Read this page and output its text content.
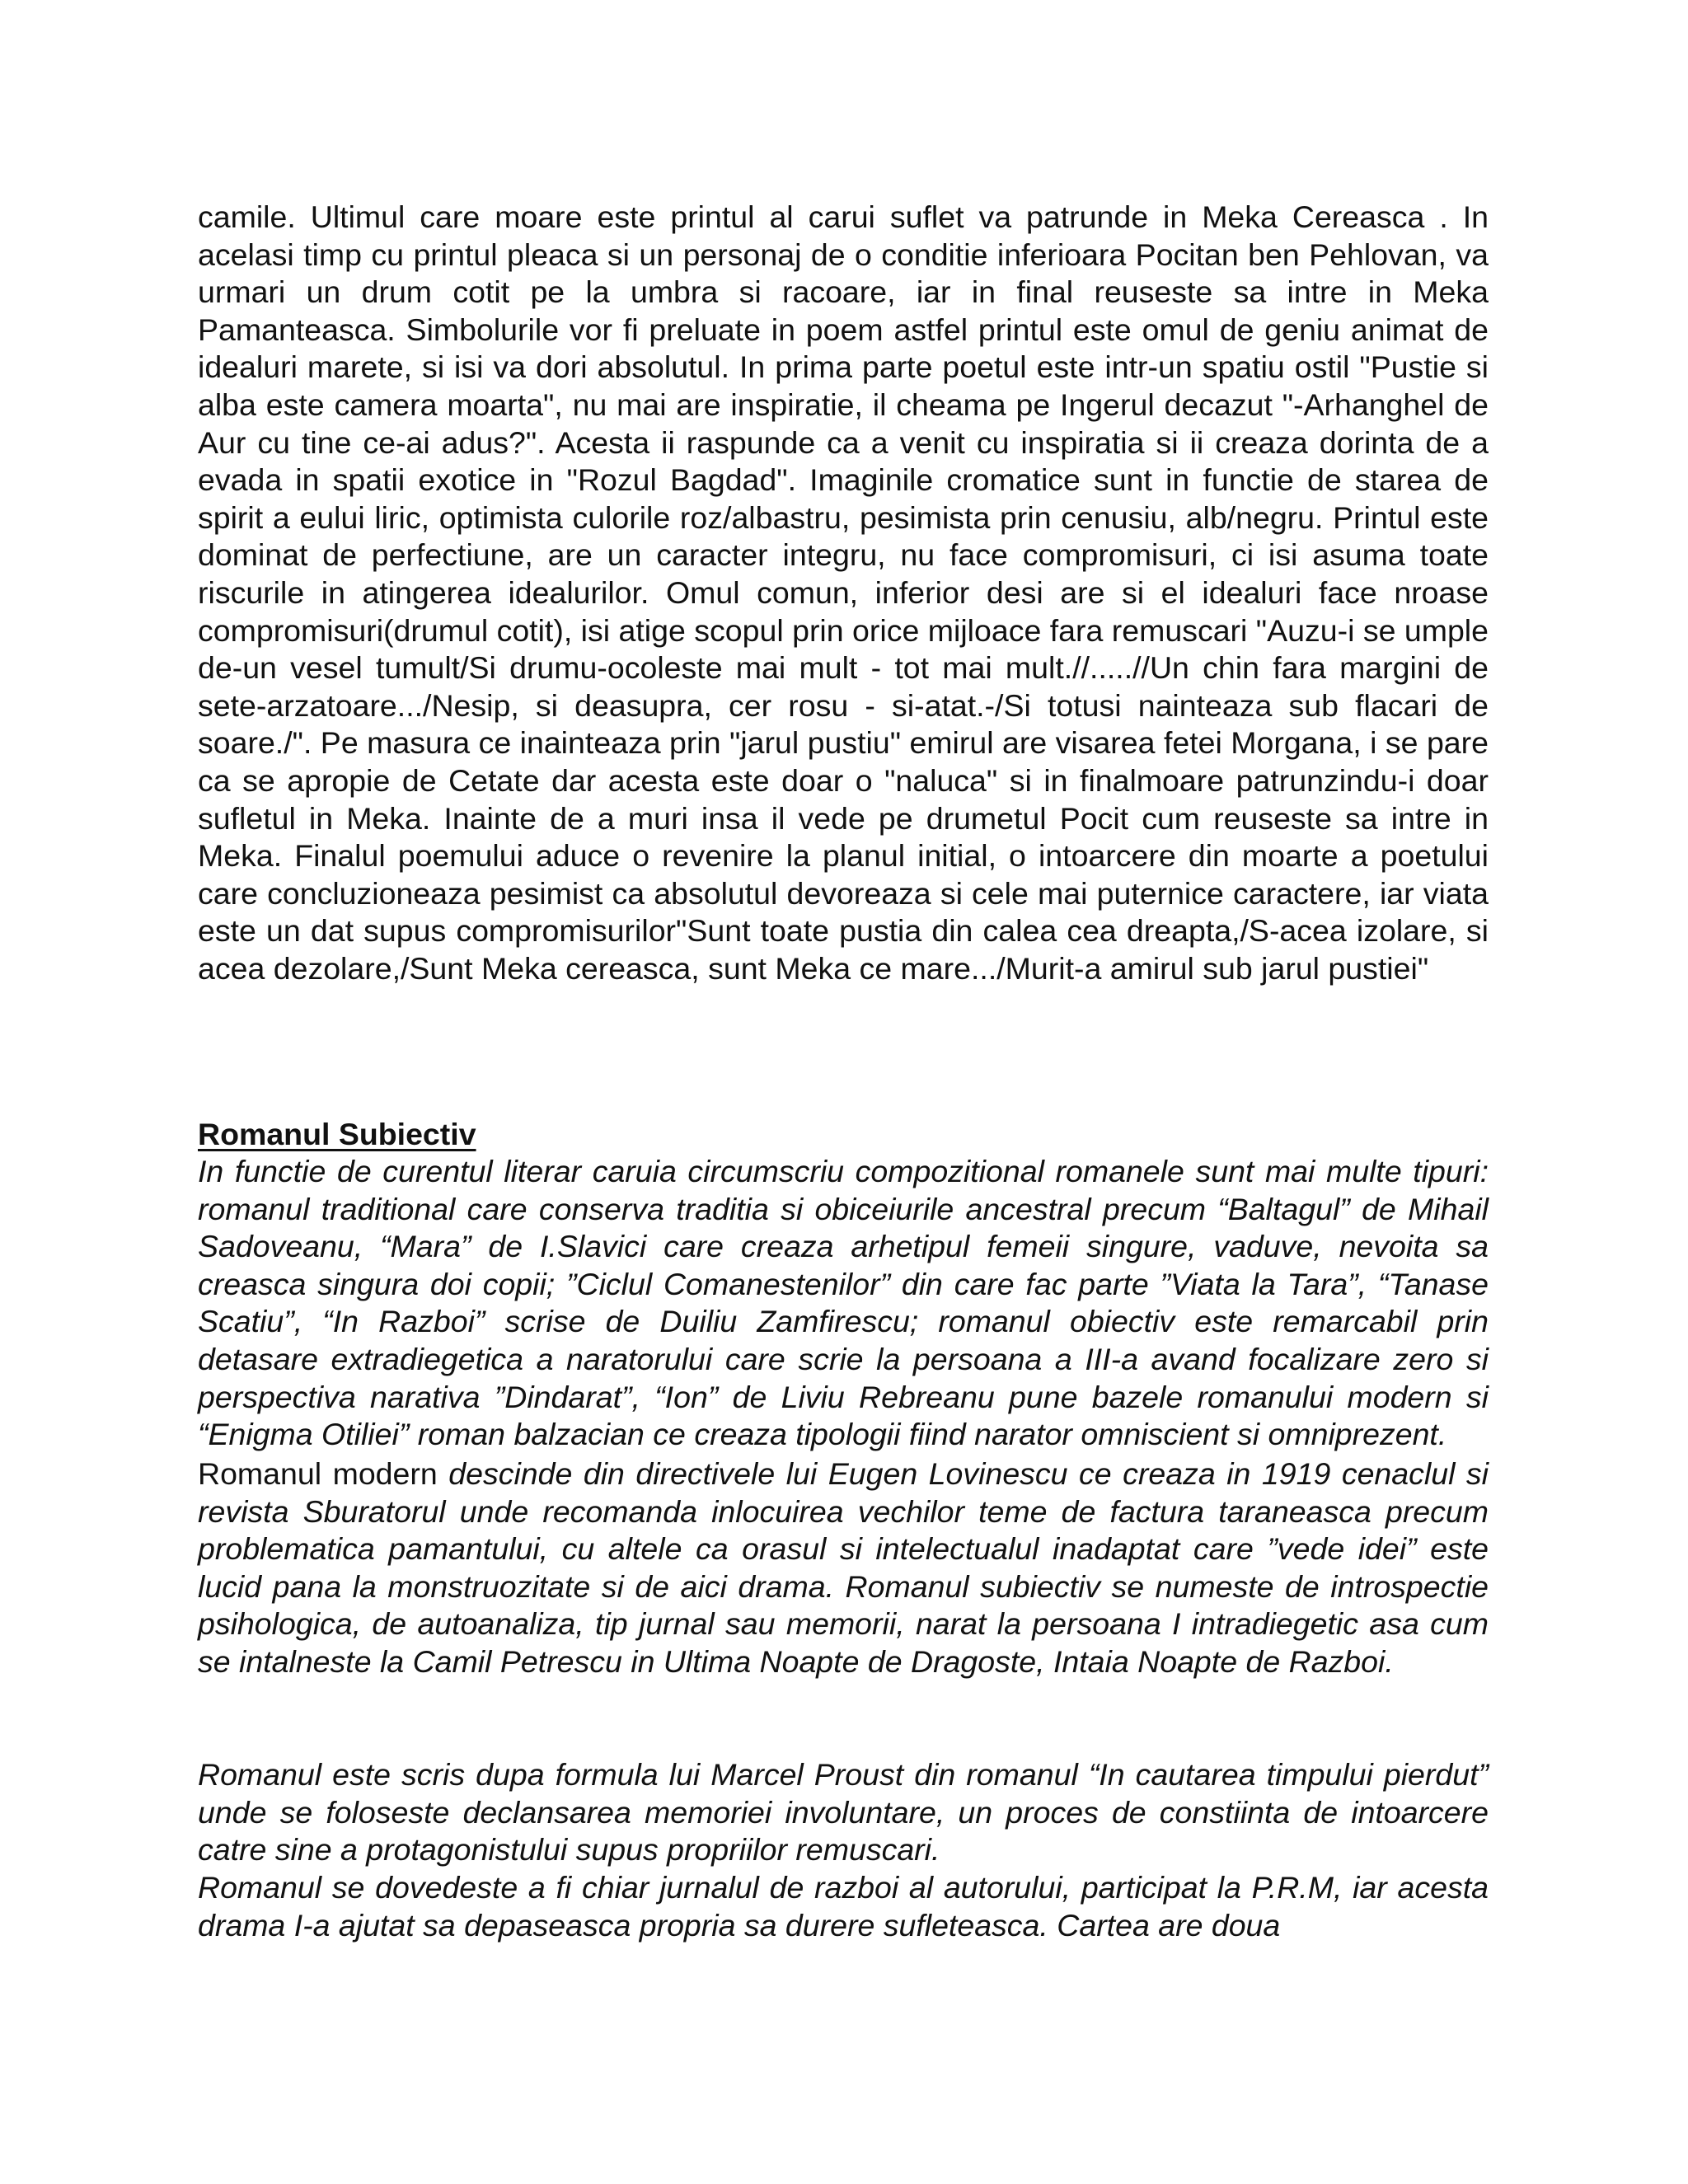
camile. Ultimul care moare este printul al carui suflet va patrunde in Meka Cereasca . In acelasi timp cu printul pleaca si un personaj de o conditie inferioara Pocitan ben Pehlovan, va urmari un drum cotit pe la umbra si racoare, iar in final reuseste sa intre in Meka Pamanteasca. Simbolurile vor fi preluate in poem astfel printul este omul de geniu animat de idealuri marete, si isi va dori absolutul. In prima parte poetul este intr-un spatiu ostil "Pustie si alba este camera moarta", nu mai are inspiratie, il cheama pe Ingerul decazut "-Arhanghel de Aur cu tine ce-ai adus?". Acesta ii raspunde ca a venit cu inspiratia si ii creaza dorinta de a evada in spatii exotice in "Rozul Bagdad". Imaginile cromatice sunt in functie de starea de spirit a eului liric, optimista culorile roz/albastru, pesimista prin cenusiu, alb/negru. Printul este dominat de perfectiune, are un caracter integru, nu face compromisuri, ci isi asuma toate riscurile in atingerea idealurilor. Omul comun, inferior desi are si el idealuri face nroase compromisuri(drumul cotit), isi atige scopul prin orice mijloace fara remuscari "Auzu-i se umple de-un vesel tumult/Si drumu-ocoleste mai mult - tot mai mult.//.....//Un chin fara margini de sete-arzatoare.../Nesip, si deasupra, cer rosu - si-atat.-/Si totusi nainteaza sub flacari de soare./". Pe masura ce inainteaza prin "jarul pustiu" emirul are visarea fetei Morgana, i se pare ca se apropie de Cetate dar acesta este doar o "naluca" si in finalmoare patrunzindu-i doar sufletul in Meka. Inainte de a muri insa il vede pe drumetul Pocit cum reuseste sa intre in Meka. Finalul poemului aduce o revenire la planul initial, o intoarcere din moarte a poetului care concluzioneaza pesimist ca absolutul devoreaza si cele mai puternice caractere, iar viata este un dat supus compromisurilor"Sunt toate pustia din calea cea dreapta,/S-acea izolare, si acea dezolare,/Sunt Meka cereasca, sunt Meka ce mare.../Murit-a amirul sub jarul pustiei"

Romanul Subiectiv

In functie de curentul literar caruia circumscriu compozitional romanele sunt mai multe tipuri: romanul traditional care conserva traditia si obiceiurile ancestral precum “Baltagul” de Mihail Sadoveanu, “Mara” de I.Slavici care creaza arhetipul femeii singure, vaduve, nevoita sa creasca singura doi copii; ”Ciclul Comanestenilor” din care fac parte ”Viata la Tara”, “Tanase Scatiu”, “In Razboi” scrise de Duiliu Zamfirescu; romanul obiectiv este remarcabil prin detasare extradiegetica a naratorului care scrie la persoana a III-a avand focalizare zero si perspectiva narativa ”Dindarat”, “Ion” de Liviu Rebreanu pune bazele romanului modern si “Enigma Otiliei” roman balzacian ce creaza tipologii fiind narator omniscient si omniprezent.

Romanul modern descinde din directivele lui Eugen Lovinescu ce creaza in 1919 cenaclul si revista Sburatorul unde recomanda inlocuirea vechilor teme de factura taraneasca precum problematica pamantului, cu altele ca orasul si intelectualul inadaptat care ”vede idei” este lucid pana la monstruozitate si de aici drama. Romanul subiectiv se numeste de introspectie psihologica, de autoanaliza, tip jurnal sau memorii, narat la persoana I intradiegetic asa cum se intalneste la Camil Petrescu in Ultima Noapte de Dragoste, Intaia Noapte de Razboi.

Romanul este scris dupa formula lui Marcel Proust din romanul “In cautarea timpului pierdut” unde se foloseste declansarea memoriei involuntare, un proces de constiinta de intoarcere catre sine a protagonistului supus propriilor remuscari.

Romanul se dovedeste a fi chiar jurnalul de razboi al autorului, participat la P.R.M, iar acesta drama I-a ajutat sa depaseasca propria sa durere sufleteasca. Cartea are doua
